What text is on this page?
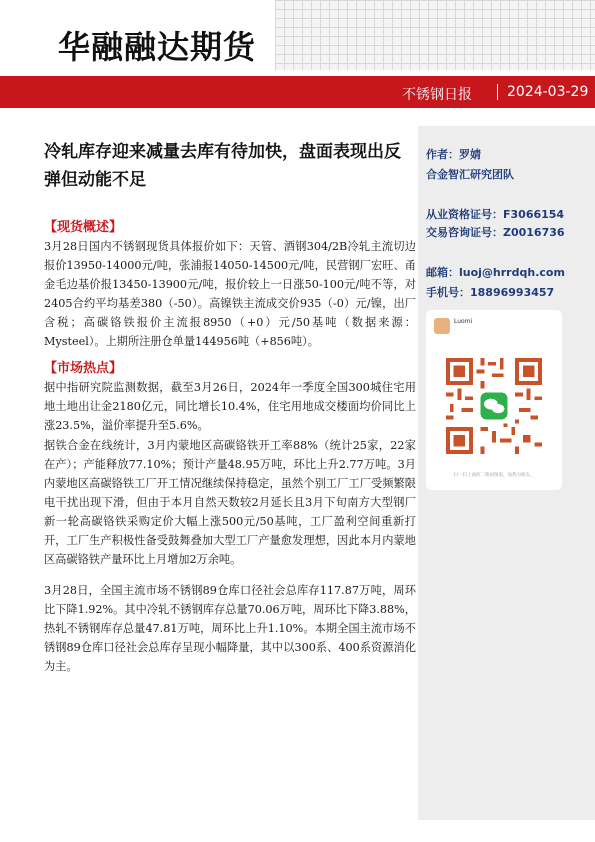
华融融达期货
不锈钢日报	2024-03-29
作者：罗婧
合金智汇研究团队
从业资格证号：F3066154
交易咨询证号：Z0016736
邮箱：luoj@hrrdqh.com
手机号：18896993457
Luomi
扫一扫上面的二维码图案，加我为朋友。
冷轧库存迎来减量去库有待加快，盘面表现出反弹但动能不足
【现货概述】

3月28日国内不锈钢现货具体报价如下：天管、酒钢304/2B冷轧主流切边报价13950-14000元/吨，张浦报14050-14500元/吨，民营钢厂宏旺、甬金毛边基价报13450-13900元/吨，报价较上一日涨50-100元/吨不等，对2405合约平均基差380（-50）。高镍铁主流成交价935（-0）元/镍，出厂含税；高碳铬铁报价主流报8950（+0）元/50基吨（数据来源：Mysteel）。上期所注册仓单量144956吨（+856吨）。

【市场热点】

据中指研究院监测数据，截至3月26日，2024年一季度全国300城住宅用地土地出让金2180亿元，同比增长10.4%，住宅用地成交楼面均价同比上涨23.5%，溢价率提升至5.6%。

据铁合金在线统计，3月内蒙地区高碳铬铁开工率88%（统计25家，22家在产）；产能释放77.10%；预计产量48.95万吨，环比上升2.77万吨。3月内蒙地区高碳铬铁工厂开工情况继续保持稳定，虽然个别工厂工厂受频繁限电干扰出现下滑，但由于本月自然天数较2月延长且3月下旬南方大型钢厂新一轮高碳铬铁采购定价大幅上涨500元/50基吨，工厂盈利空间重新打开，工厂生产积极性备受鼓舞叠加大型工厂产量愈发理想，因此本月内蒙地区高碳铬铁产量环比上月增加2万余吨。

3月28日，全国主流市场不锈钢89仓库口径社会总库存117.87万吨，周环比下降1.92%。其中冷轧不锈钢库存总量70.06万吨，周环比下降3.88%，热轧不锈钢库存总量47.81万吨，周环比上升1.10%。本期全国主流市场不锈钢89仓库口径社会总库存呈现小幅降量，其中以300系、400系资源消化为主。
